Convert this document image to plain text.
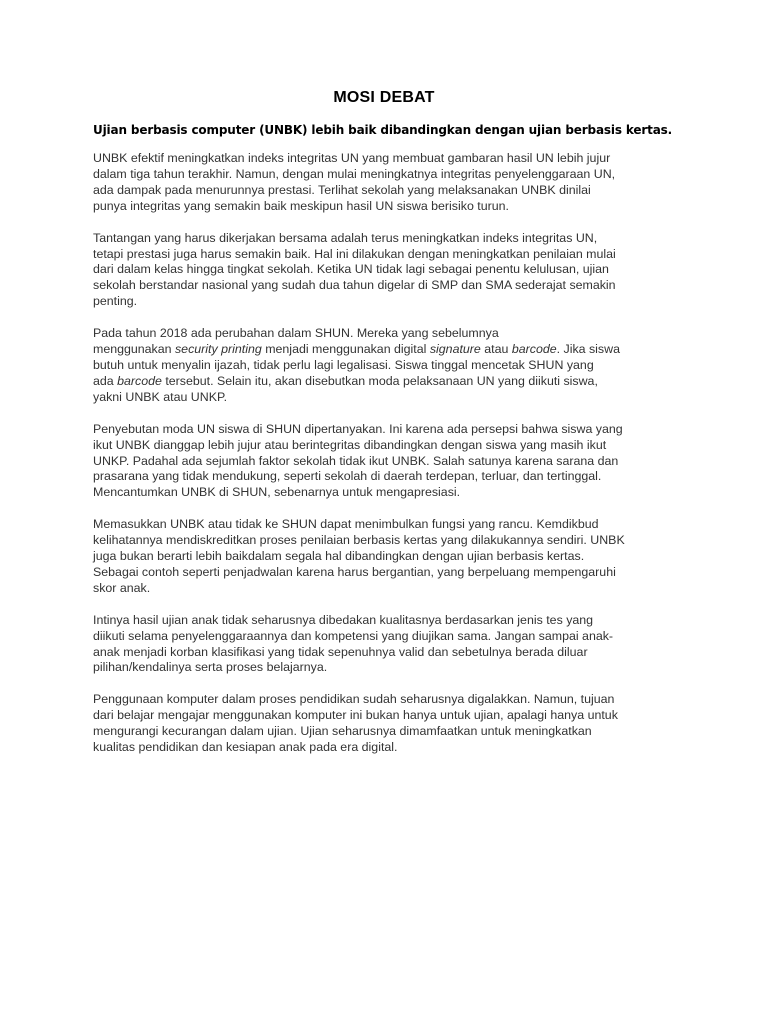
MOSI DEBAT
Ujian berbasis computer (UNBK) lebih baik dibandingkan dengan ujian berbasis kertas.
UNBK efektif meningkatkan indeks integritas UN yang membuat gambaran hasil UN lebih jujur
dalam tiga tahun terakhir. Namun, dengan mulai meningkatnya integritas penyelenggaraan UN,
ada dampak pada menurunnya prestasi. Terlihat sekolah yang melaksanakan UNBK dinilai
punya integritas yang semakin baik meskipun hasil UN siswa berisiko turun.
Tantangan yang harus dikerjakan bersama adalah terus meningkatkan indeks integritas UN,
tetapi prestasi juga harus semakin baik. Hal ini dilakukan dengan meningkatkan penilaian mulai
dari dalam kelas hingga tingkat sekolah. Ketika UN tidak lagi sebagai penentu kelulusan, ujian
sekolah berstandar nasional yang sudah dua tahun digelar di SMP dan SMA sederajat semakin
penting.
Pada tahun 2018 ada perubahan dalam SHUN. Mereka yang sebelumnya
menggunakan security printing menjadi menggunakan digital signature atau barcode. Jika siswa
butuh untuk menyalin ijazah, tidak perlu lagi legalisasi. Siswa tinggal mencetak SHUN yang
ada barcode tersebut. Selain itu, akan disebutkan moda pelaksanaan UN yang diikuti siswa,
yakni UNBK atau UNKP.
Penyebutan moda UN siswa di SHUN dipertanyakan. Ini karena ada persepsi bahwa siswa yang
ikut UNBK dianggap lebih jujur atau berintegritas dibandingkan dengan siswa yang masih ikut
UNKP. Padahal ada sejumlah faktor sekolah tidak ikut UNBK. Salah satunya karena sarana dan
prasarana yang tidak mendukung, seperti sekolah di daerah terdepan, terluar, dan tertinggal.
Mencantumkan UNBK di SHUN, sebenarnya untuk mengapresiasi.
Memasukkan UNBK atau tidak ke SHUN dapat menimbulkan fungsi yang rancu. Kemdikbud
kelihatannya mendiskreditkan proses penilaian berbasis kertas yang dilakukannya sendiri. UNBK
juga bukan berarti lebih baikdalam segala hal dibandingkan dengan ujian berbasis kertas.
Sebagai contoh seperti penjadwalan karena harus bergantian, yang berpeluang mempengaruhi
skor anak.
Intinya hasil ujian anak tidak seharusnya dibedakan kualitasnya berdasarkan jenis tes yang
diikuti selama penyelenggaraannya dan kompetensi yang diujikan sama. Jangan sampai anak-
anak menjadi korban klasifikasi yang tidak sepenuhnya valid dan sebetulnya berada diluar
pilihan/kendalinya serta proses belajarnya.
Penggunaan komputer dalam proses pendidikan sudah seharusnya digalakkan. Namun, tujuan
dari belajar mengajar menggunakan komputer ini bukan hanya untuk ujian, apalagi hanya untuk
mengurangi kecurangan dalam ujian. Ujian seharusnya dimamfaatkan untuk meningkatkan
kualitas pendidikan dan kesiapan anak pada era digital.
